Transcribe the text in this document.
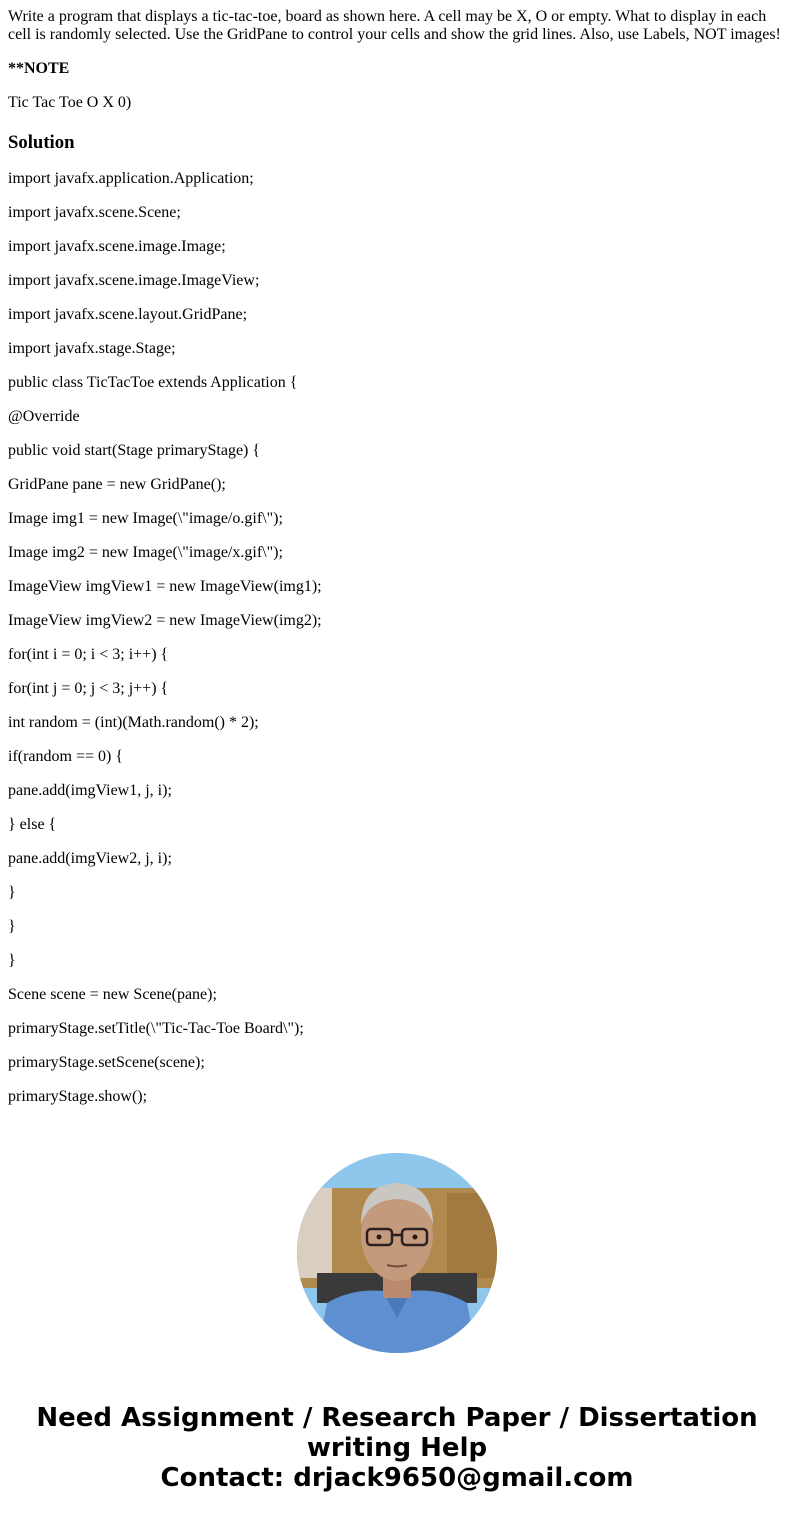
Write a program that displays a tic-tac-toe, board as shown here. A cell may be X, O or empty. What to display in each cell is randomly selected. Use the GridPane to control your cells and show the grid lines. Also, use Labels, NOT images!

**NOTE

Tic Tac Toe O X 0)

Solution

import javafx.application.Application;

import javafx.scene.Scene;

import javafx.scene.image.Image;

import javafx.scene.image.ImageView;

import javafx.scene.layout.GridPane;

import javafx.stage.Stage;

public class TicTacToe extends Application {

@Override

public void start(Stage primaryStage) {

GridPane pane = new GridPane();

Image img1 = new Image(\"image/o.gif\");

Image img2 = new Image(\"image/x.gif\");

ImageView imgView1 = new ImageView(img1);

ImageView imgView2 = new ImageView(img2);

for(int i = 0; i < 3; i++) {

for(int j = 0; j < 3; j++) {

int random = (int)(Math.random() * 2);

if(random == 0) {

pane.add(imgView1, j, i);

} else {

pane.add(imgView2, j, i);

}

}

}

Scene scene = new Scene(pane);

primaryStage.setTitle(\"Tic-Tac-Toe Board\");

primaryStage.setScene(scene);

primaryStage.show();

Need Assignment / Research Paper / Dissertation
writing Help
Contact: drjack9650@gmail.com
